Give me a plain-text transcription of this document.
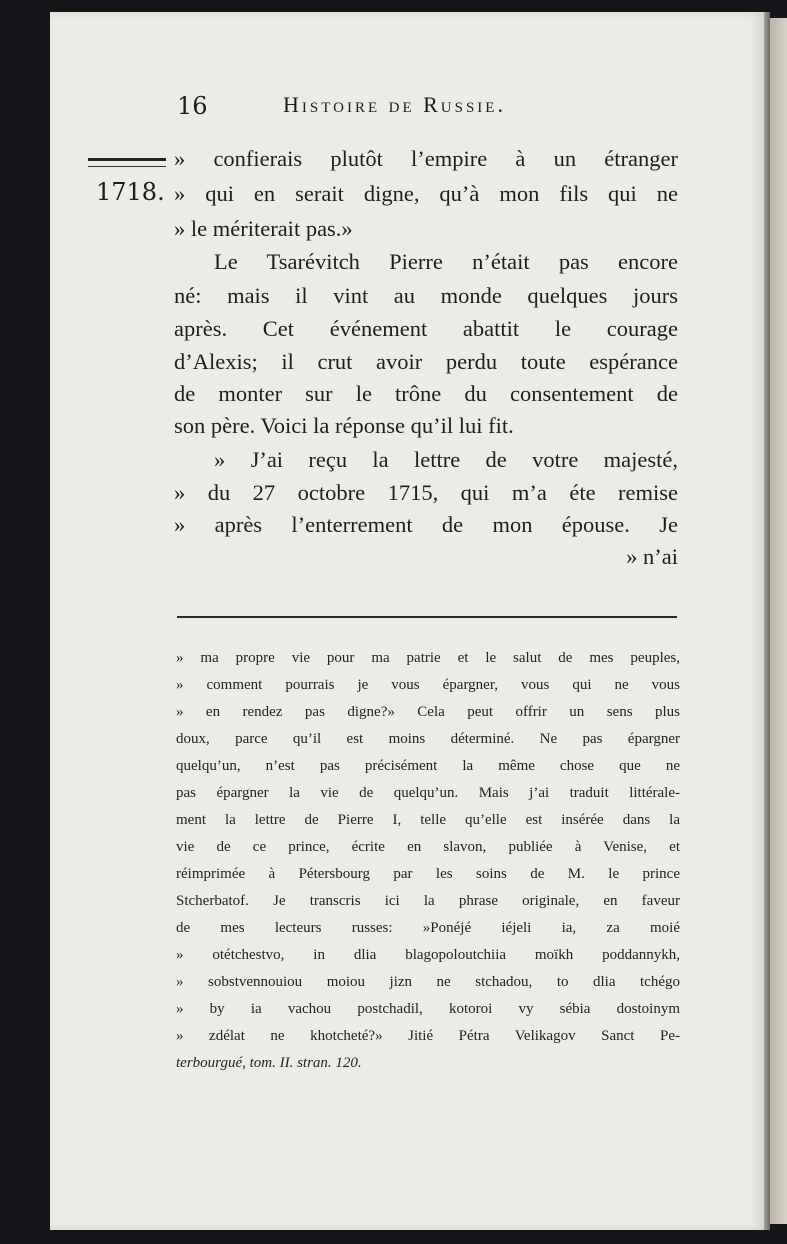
16	Histoire de Russie.
1718.
» confierais plutôt l’empire à un étranger
» qui en serait digne, qu’à mon fils qui ne
» le mériterait pas.»
Le Tsarévitch Pierre n’était pas encore
né: mais il vint au monde quelques jours
après. Cet événement abattit le courage
d’Alexis; il crut avoir perdu toute espérance
de monter sur le trône du consentement de
son père. Voici la réponse qu’il lui fit.
» J’ai reçu la lettre de votre majesté,
» du 27 octobre 1715, qui m’a éte remise
» après l’enterrement de mon épouse. Je
» n’ai
» ma propre vie pour ma patrie et le salut de mes peuples,
» comment pourrais je vous épargner, vous qui ne vous
» en rendez pas digne?» Cela peut offrir un sens plus
doux, parce qu’il est moins déterminé. Ne pas épargner
quelqu’un, n’est pas précisément la même chose que ne
pas épargner la vie de quelqu’un. Mais j’ai traduit littérale-
ment la lettre de Pierre I, telle qu’elle est insérée dans la
vie de ce prince, écrite en slavon, publiée à Venise, et
réimprimée à Pétersbourg par les soins de M. le prince
Stcherbatof. Je transcris ici la phrase originale, en faveur
de mes lecteurs russes: »Ponéjé iéjeli ia, za moié
» otétchestvo, in dlia blagopoloutchiia moïkh poddannykh,
» sobstvennouiou moiou jizn ne stchadou, to dlia tchégo
» by ia vachou postchadil, kotoroi vy sébia dostoinym
» zdélat ne khotcheté?» Jitié Pétra Velikagov Sanct Pe-
terbourgué, tom. II. stran. 120.
